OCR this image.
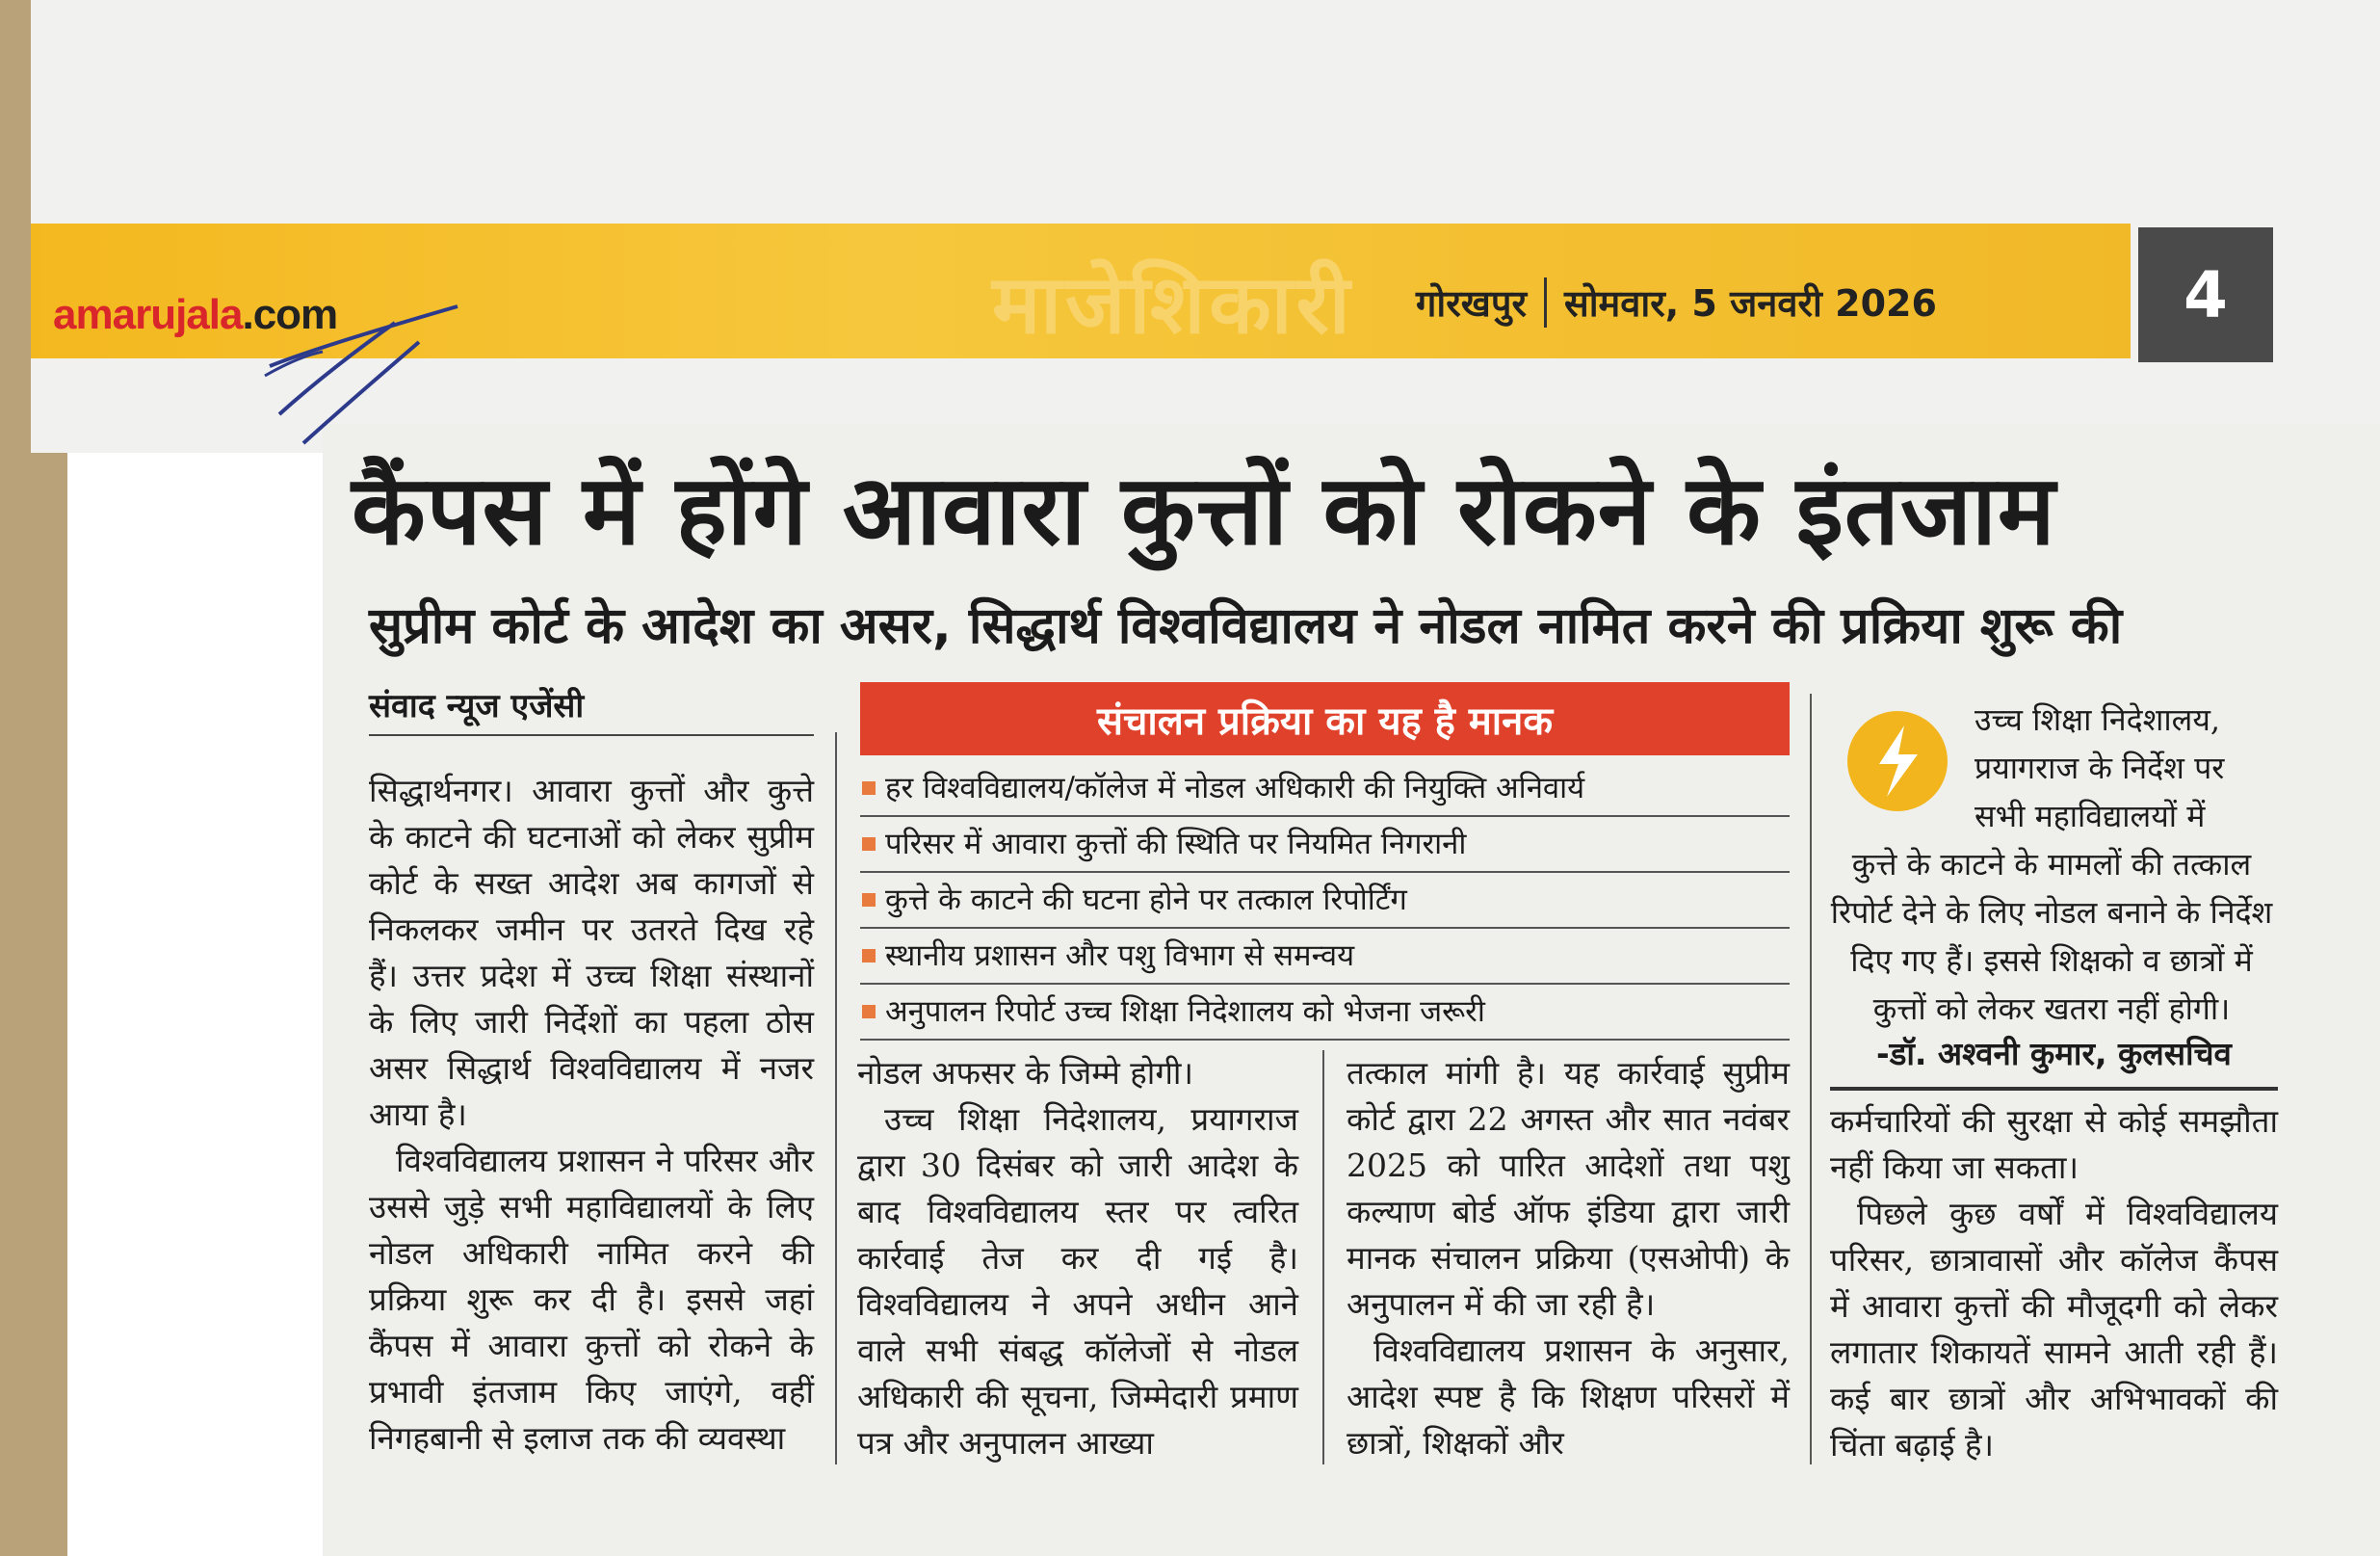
amarujala.com	माजेशिकारी गोरखपुर सोमवार, 5 जनवरी 2026	4
कैंपस में होंगे आवारा कुत्तों को रोकने के इंतजाम
सुप्रीम कोर्ट के आदेश का असर, सिद्धार्थ विश्वविद्यालय ने नोडल नामित करने की प्रक्रिया शुरू की
संवाद न्यूज एजेंसी

सिद्धार्थनगर। आवारा कुत्तों और कुत्ते के काटने की घटनाओं को लेकर सुप्रीम कोर्ट के सख्त आदेश अब कागजों से निकलकर जमीन पर उतरते दिख रहे हैं। उत्तर प्रदेश में उच्च शिक्षा संस्थानों के लिए जारी निर्देशों का पहला ठोस असर सिद्धार्थ विश्वविद्यालय में नजर आया है।

विश्वविद्यालय प्रशासन ने परिसर और उससे जुड़े सभी महाविद्यालयों के लिए नोडल अधिकारी नामित करने की प्रक्रिया शुरू कर दी है। इससे जहां कैंपस में आवारा कुत्तों को रोकने के प्रभावी इंतजाम किए जाएंगे, वहीं निगहबानी से इलाज तक की व्यवस्था

संचालन प्रक्रिया का यह है मानक
हर विश्वविद्यालय/कॉलेज में नोडल अधिकारी की नियुक्ति अनिवार्य
परिसर में आवारा कुत्तों की स्थिति पर नियमित निगरानी
कुत्ते के काटने की घटना होने पर तत्काल रिपोर्टिंग
स्थानीय प्रशासन और पशु विभाग से समन्वय
अनुपालन रिपोर्ट उच्च शिक्षा निदेशालय को भेजना जरूरी

नोडल अफसर के जिम्मे होगी।

उच्च शिक्षा निदेशालय, प्रयागराज द्वारा 30 दिसंबर को जारी आदेश के बाद विश्वविद्यालय स्तर पर त्वरित कार्रवाई तेज कर दी गई है। विश्वविद्यालय ने अपने अधीन आने वाले सभी संबद्ध कॉलेजों से नोडल अधिकारी की सूचना, जिम्मेदारी प्रमाण पत्र और अनुपालन आख्या

तत्काल मांगी है। यह कार्रवाई सुप्रीम कोर्ट द्वारा 22 अगस्त और सात नवंबर 2025 को पारित आदेशों तथा पशु कल्याण बोर्ड ऑफ इंडिया द्वारा जारी मानक संचालन प्रक्रिया (एसओपी) के अनुपालन में की जा रही है।

विश्वविद्यालय प्रशासन के अनुसार, आदेश स्पष्ट है कि शिक्षण परिसरों में छात्रों, शिक्षकों और

उच्च शिक्षा निदेशालय, प्रयागराज के निर्देश पर सभी महाविद्यालयों में

कुत्ते के काटने के मामलों की तत्काल रिपोर्ट देने के लिए नोडल बनाने के निर्देश दिए गए हैं। इससे शिक्षको व छात्रों में कुत्तों को लेकर खतरा नहीं होगी।

-डॉ. अश्वनी कुमार, कुलसचिव

कर्मचारियों की सुरक्षा से कोई समझौता नहीं किया जा सकता।

पिछले कुछ वर्षों में विश्वविद्यालय परिसर, छात्रावासों और कॉलेज कैंपस में आवारा कुत्तों की मौजूदगी को लेकर लगातार शिकायतें सामने आती रही हैं। कई बार छात्रों और अभिभावकों की चिंता बढ़ाई है।
